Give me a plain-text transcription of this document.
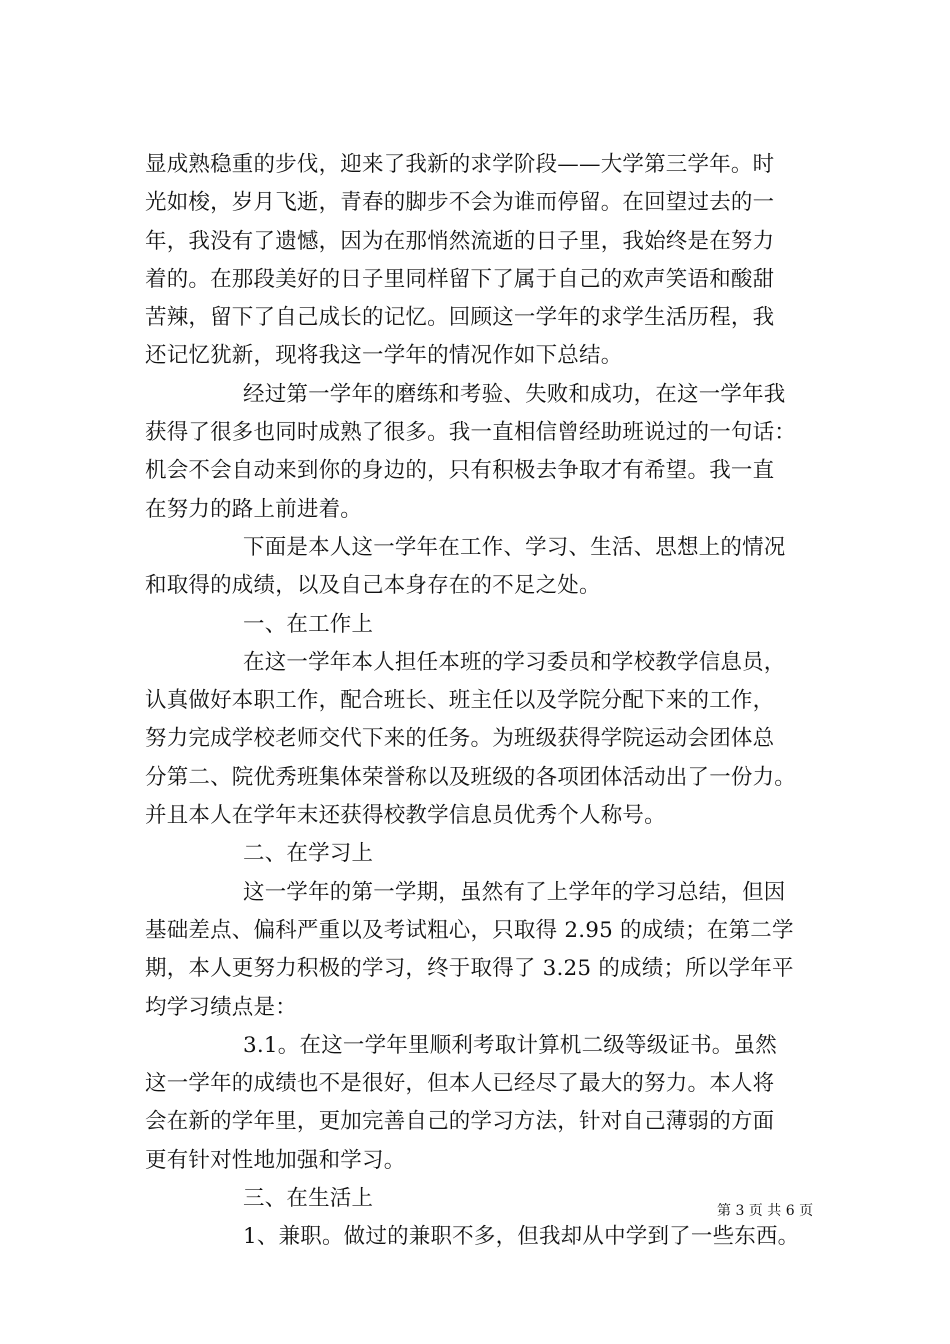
显成熟稳重的步伐，迎来了我新的求学阶段——大学第三学年。时
光如梭，岁月飞逝，青春的脚步不会为谁而停留。在回望过去的一
年，我没有了遗憾，因为在那悄然流逝的日子里，我始终是在努力
着的。在那段美好的日子里同样留下了属于自己的欢声笑语和酸甜
苦辣，留下了自己成长的记忆。回顾这一学年的求学生活历程，我
还记忆犹新，现将我这一学年的情况作如下总结。
经过第一学年的磨练和考验、失败和成功，在这一学年我
获得了很多也同时成熟了很多。我一直相信曾经助班说过的一句话：
机会不会自动来到你的身边的，只有积极去争取才有希望。我一直
在努力的路上前进着。
下面是本人这一学年在工作、学习、生活、思想上的情况
和取得的成绩，以及自己本身存在的不足之处。
一、在工作上
在这一学年本人担任本班的学习委员和学校教学信息员，
认真做好本职工作，配合班长、班主任以及学院分配下来的工作，
努力完成学校老师交代下来的任务。为班级获得学院运动会团体总
分第二、院优秀班集体荣誉称以及班级的各项团体活动出了一份力。
并且本人在学年末还获得校教学信息员优秀个人称号。
二、在学习上
这一学年的第一学期，虽然有了上学年的学习总结，但因
基础差点、偏科严重以及考试粗心，只取得 2.95 的成绩；在第二学
期，本人更努力积极的学习，终于取得了 3.25 的成绩；所以学年平
均学习绩点是：
3.1。在这一学年里顺利考取计算机二级等级证书。虽然
这一学年的成绩也不是很好，但本人已经尽了最大的努力。本人将
会在新的学年里，更加完善自己的学习方法，针对自己薄弱的方面
更有针对性地加强和学习。
三、在生活上
1、兼职。做过的兼职不多，但我却从中学到了一些东西。
第 3 页 共 6 页
